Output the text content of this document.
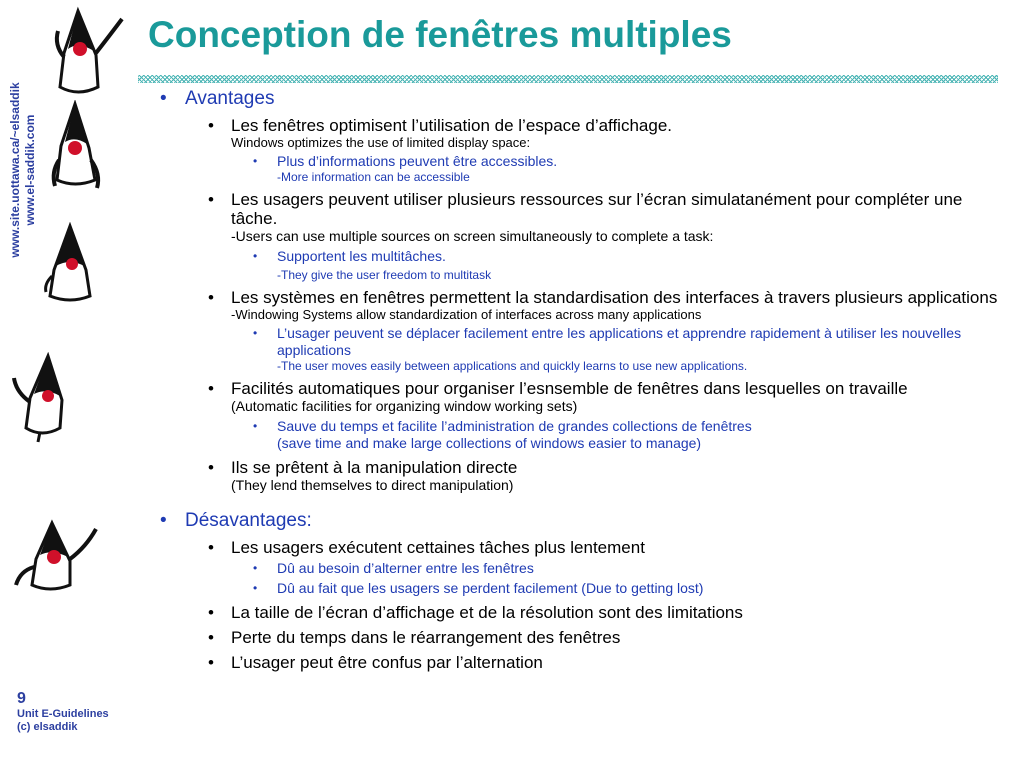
Conception de fenêtres multiples
www.site.uottawa.ca/~elsaddik www.el-saddik.com
9
Unit E-Guidelines
(c) elsaddik
• Avantages
• Les fenêtres optimisent l’utilisation de l’espace d’affichage.
Windows optimizes the use of limited display space:
• Plus d’informations peuvent être accessibles.
-More information can be accessible
• Les usagers peuvent utiliser plusieurs ressources sur l’écran simulatanément pour compléter une tâche.
-Users can use multiple sources on screen simultaneously to complete a task:
• Supportent les multitâches.
-They give the user freedom to multitask
• Les systèmes en fenêtres permettent la standardisation des interfaces à travers plusieurs applications
-Windowing Systems allow standardization of interfaces across many applications
• L’usager peuvent se déplacer facilement entre les applications et apprendre rapidement à utiliser les nouvelles applications
-The user moves easily between applications and quickly learns to use new applications.
• Facilités automatiques pour organiser l’esnsemble de fenêtres dans lesquelles on travaille
(Automatic facilities for organizing window working sets)
• Sauve du temps et facilite l’administration de grandes collections de fenêtres
(save time and make large collections of windows easier to manage)
• Ils se prêtent à la manipulation directe
(They lend themselves to direct manipulation)
• Désavantages:
• Les usagers exécutent cettaines tâches plus lentement
• Dû au besoin d’alterner entre les fenêtres
• Dû au fait que les usagers se perdent facilement (Due to getting lost)
• La taille de l’écran d’affichage et de la résolution sont des limitations
• Perte du temps dans le réarrangement des fenêtres
• L’usager peut être confus par l’alternation
